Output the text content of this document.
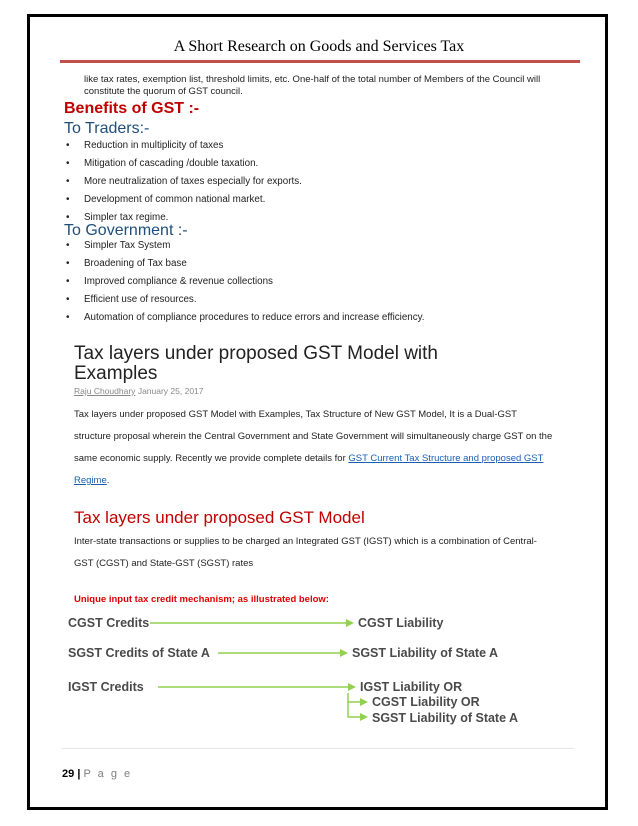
A Short Research on Goods and Services Tax
like tax rates, exemption list, threshold limits, etc. One-half of the total number of Members of the Council will constitute the quorum of GST council.
Benefits of GST :-
To Traders:-
• Reduction in multiplicity of taxes
• Mitigation of cascading /double taxation.
• More neutralization of taxes especially for exports.
• Development of common national market.
• Simpler tax regime.
To Government :-
• Simpler Tax System
• Broadening of Tax base
• Improved compliance & revenue collections
• Efficient use of resources.
• Automation of compliance procedures to reduce errors and increase efficiency.
Tax layers under proposed GST Model with Examples
Raju Choudhary January 25, 2017
Tax layers under proposed GST Model with Examples, Tax Structure of New GST Model, It is a Dual-GST structure proposal wherein the Central Government and State Government will simultaneously charge GST on the same economic supply. Recently we provide complete details for GST Current Tax Structure and proposed GST Regime.
Tax layers under proposed GST Model
Inter-state transactions or supplies to be charged an Integrated GST (IGST) which is a combination of Central-GST (CGST) and State-GST (SGST) rates
Unique input tax credit mechanism; as illustrated below:
CGST Credits
SGST Credits of State A
IGST Credits
CGST Liability
SGST Liability of State A
IGST Liability OR
CGST Liability OR
SGST Liability of State A
29 | P a g e
